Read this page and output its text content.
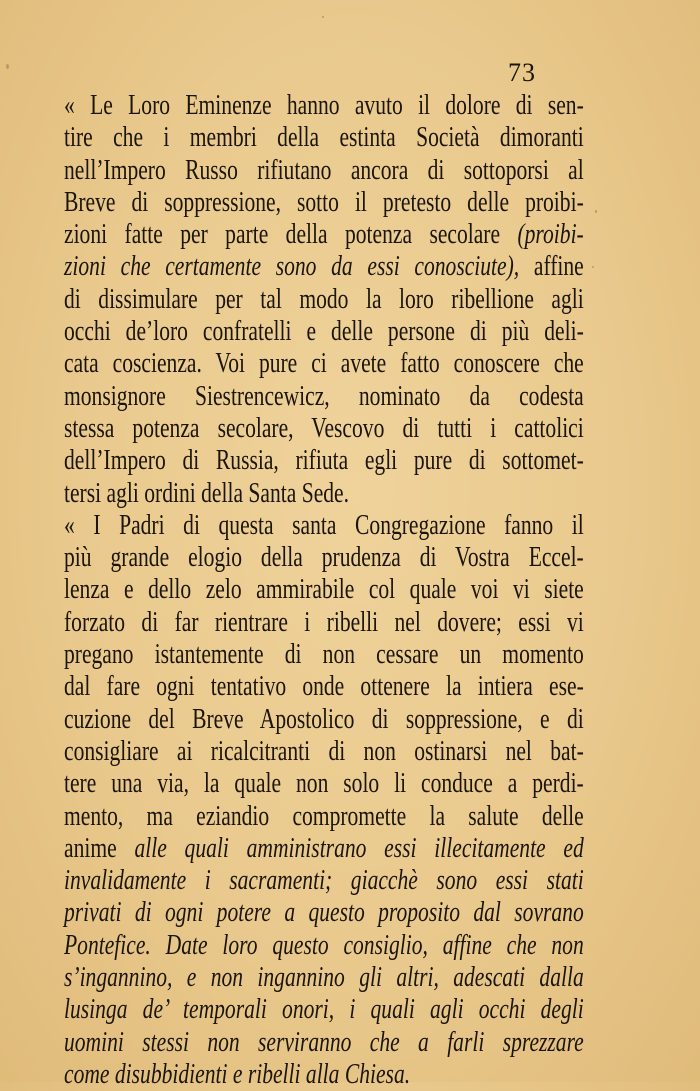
73
« Le Loro Eminenze hanno avuto il dolore di sen-
tire che i membri della estinta Società dimoranti
nell’Impero Russo rifiutano ancora di sottoporsi al
Breve di soppressione, sotto il pretesto delle proibi-
zioni fatte per parte della potenza secolare (proibi-
zioni che certamente sono da essi conosciute), affine
di dissimulare per tal modo la loro ribellione agli
occhi de’loro confratelli e delle persone di più deli-
cata coscienza. Voi pure ci avete fatto conoscere che
monsignore Siestrencewicz, nominato da codesta
stessa potenza secolare, Vescovo di tutti i cattolici
dell’Impero di Russia, rifiuta egli pure di sottomet-
tersi agli ordini della Santa Sede.
« I Padri di questa santa Congregazione fanno il
più grande elogio della prudenza di Vostra Eccel-
lenza e dello zelo ammirabile col quale voi vi siete
forzato di far rientrare i ribelli nel dovere; essi vi
pregano istantemente di non cessare un momento
dal fare ogni tentativo onde ottenere la intiera ese-
cuzione del Breve Apostolico di soppressione, e di
consigliare ai ricalcitranti di non ostinarsi nel bat-
tere una via, la quale non solo li conduce a perdi-
mento, ma eziandio compromette la salute delle
anime alle quali amministrano essi illecitamente ed
invalidamente i sacramenti; giacchè sono essi stati
privati di ogni potere a questo proposito dal sovrano
Pontefice. Date loro questo consiglio, affine che non
s’ingannino, e non ingannino gli altri, adescati dalla
lusinga de’ temporali onori, i quali agli occhi degli
uomini stessi non serviranno che a farli sprezzare
come disubbidienti e ribelli alla Chiesa.
